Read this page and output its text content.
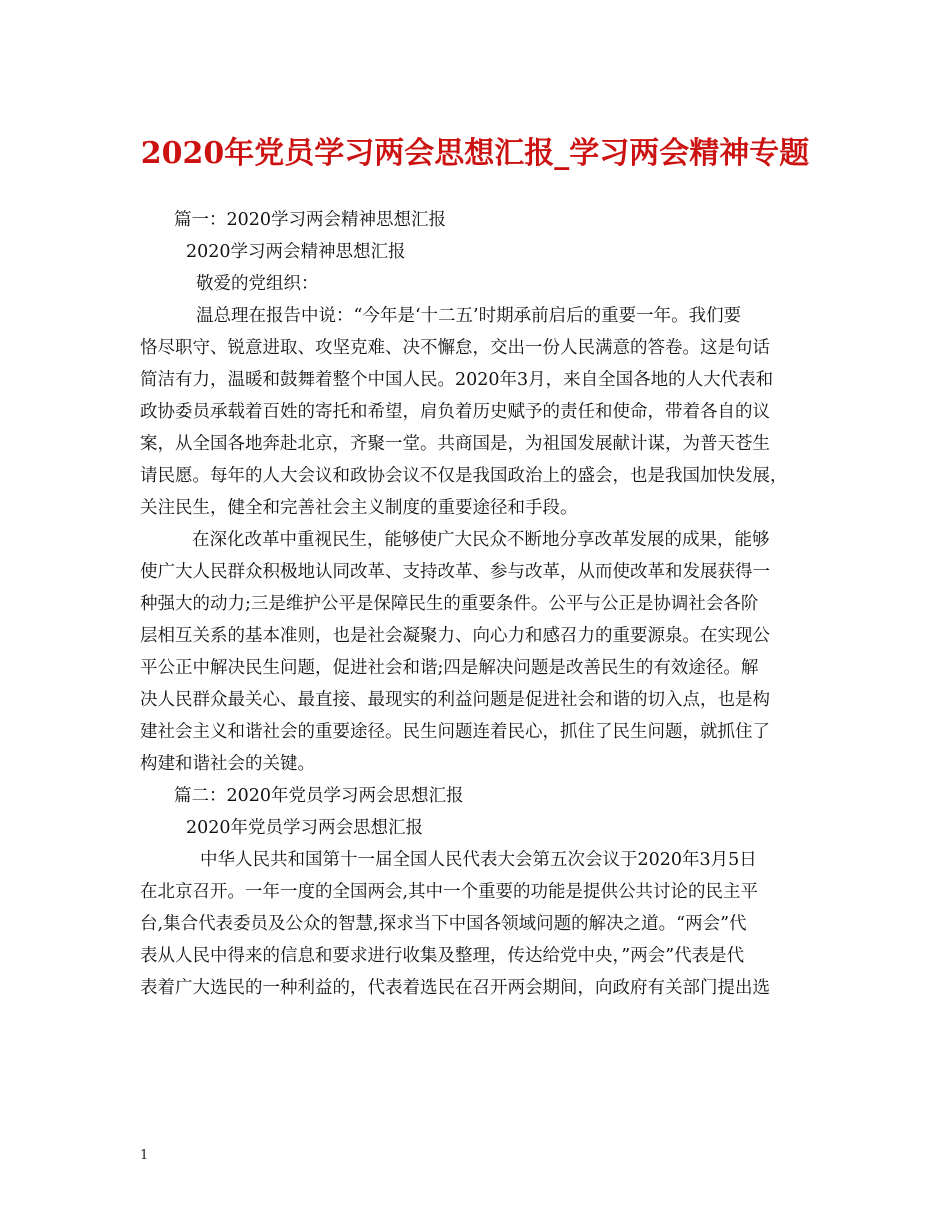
2020年党员学习两会思想汇报_学习两会精神专题
篇一：2020学习两会精神思想汇报
2020学习两会精神思想汇报
敬爱的党组织：
温总理在报告中说：“今年是‘十二五’时期承前启后的重要一年。我们要
恪尽职守、锐意进取、攻坚克难、决不懈怠，交出一份人民满意的答卷。这是句话
简洁有力，温暖和鼓舞着整个中国人民。2020年3月，来自全国各地的人大代表和
政协委员承载着百姓的寄托和希望，肩负着历史赋予的责任和使命，带着各自的议
案，从全国各地奔赴北京，齐聚一堂。共商国是，为祖国发展献计谋，为普天苍生
请民愿。每年的人大会议和政协会议不仅是我国政治上的盛会，也是我国加快发展，
关注民生，健全和完善社会主义制度的重要途径和手段。
在深化改革中重视民生，能够使广大民众不断地分享改革发展的成果，能够
使广大人民群众积极地认同改革、支持改革、参与改革，从而使改革和发展获得一
种强大的动力;三是维护公平是保障民生的重要条件。公平与公正是协调社会各阶
层相互关系的基本准则，也是社会凝聚力、向心力和感召力的重要源泉。在实现公
平公正中解决民生问题，促进社会和谐;四是解决问题是改善民生的有效途径。解
决人民群众最关心、最直接、最现实的利益问题是促进社会和谐的切入点，也是构
建社会主义和谐社会的重要途径。民生问题连着民心，抓住了民生问题，就抓住了
构建和谐社会的关键。
篇二：2020年党员学习两会思想汇报
2020年党员学习两会思想汇报
中华人民共和国第十一届全国人民代表大会第五次会议于2020年3月5日
在北京召开。一年一度的全国两会,其中一个重要的功能是提供公共讨论的民主平
台,集合代表委员及公众的智慧,探求当下中国各领域问题的解决之道。“两会”代
表从人民中得来的信息和要求进行收集及整理，传达给党中央，”两会”代表是代
表着广大选民的一种利益的，代表着选民在召开两会期间，向政府有关部门提出选
1
